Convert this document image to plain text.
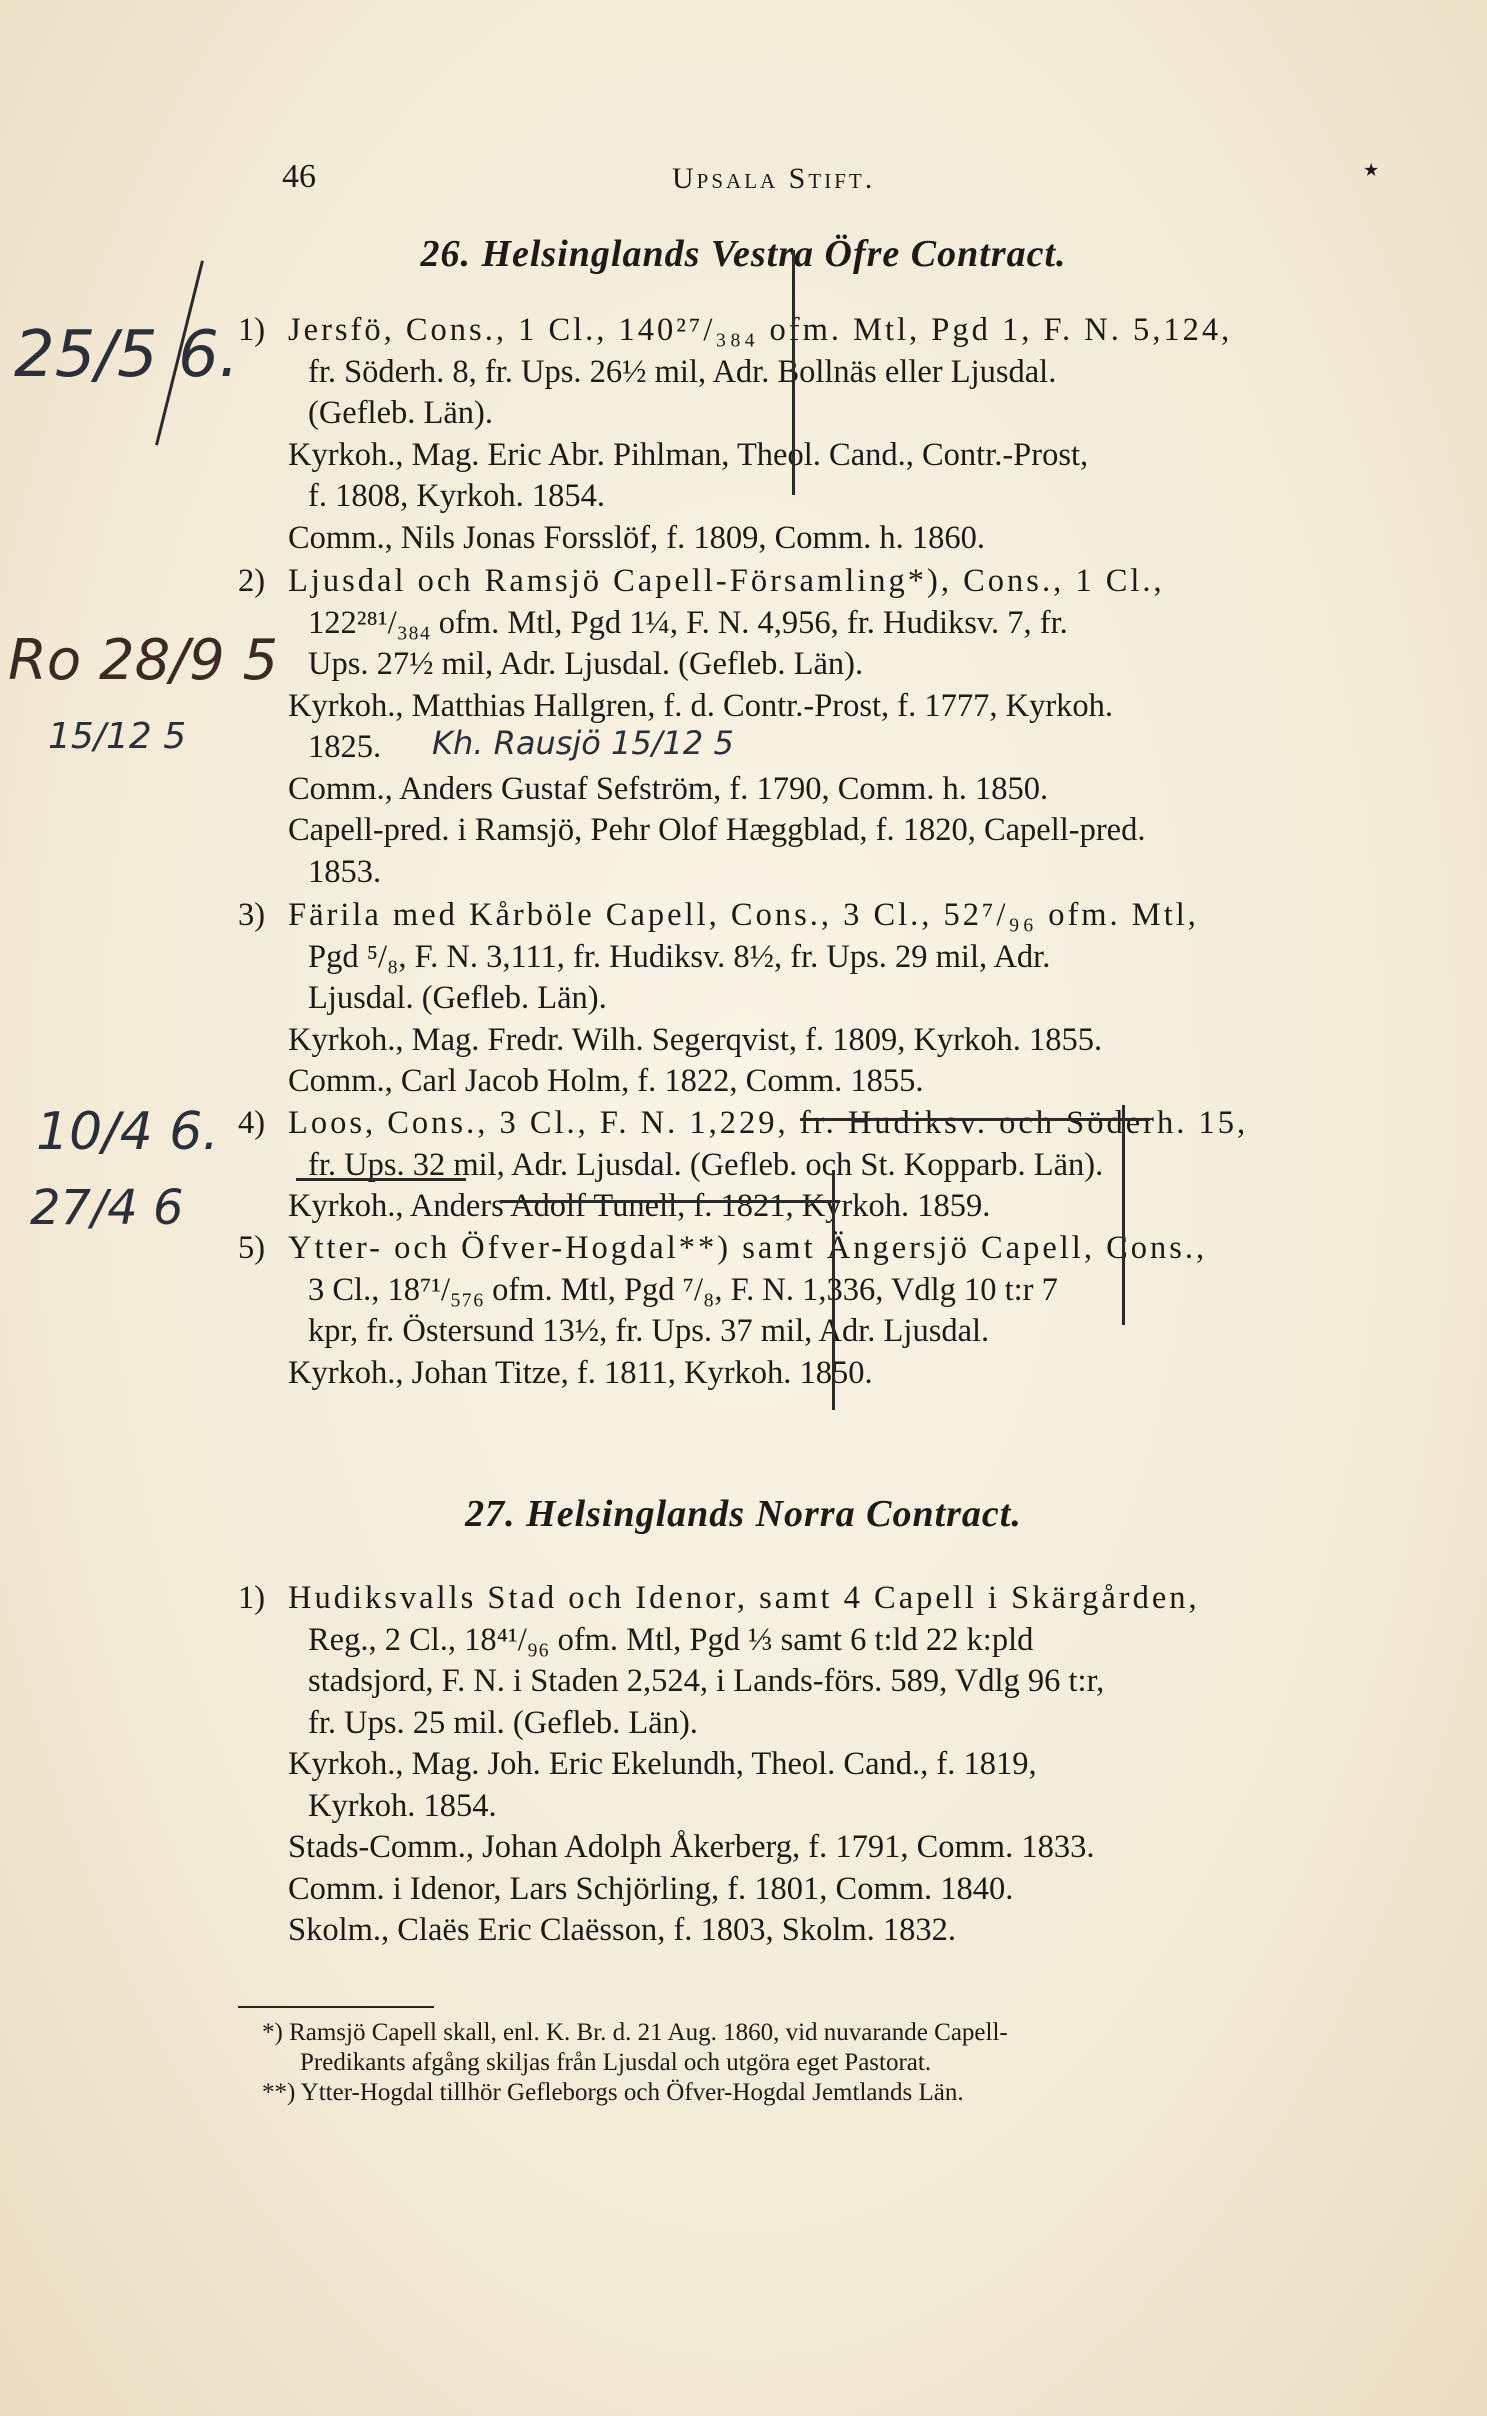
46	Upsala Stift.	٭
26. Helsinglands Vestra Öfre Contract.
1) Jersfö, Cons., 1 Cl., 140²⁷/₃₈₄ ofm. Mtl, Pgd 1, F. N. 5,124,
fr. Söderh. 8, fr. Ups. 26½ mil, Adr. Bollnäs eller Ljusdal.
(Gefleb. Län).
Kyrkoh., Mag. Eric Abr. Pihlman, Theol. Cand., Contr.-Prost,
f. 1808, Kyrkoh. 1854.
Comm., Nils Jonas Forsslöf, f. 1809, Comm. h. 1860.
2) Ljusdal och Ramsjö Capell-Församling*), Cons., 1 Cl.,
122²⁸¹/₃₈₄ ofm. Mtl, Pgd 1¼, F. N. 4,956, fr. Hudiksv. 7, fr.
Ups. 27½ mil, Adr. Ljusdal. (Gefleb. Län).
Kyrkoh., Matthias Hallgren, f. d. Contr.-Prost, f. 1777, Kyrkoh.
1825.
Comm., Anders Gustaf Sefström, f. 1790, Comm. h. 1850.
Capell-pred. i Ramsjö, Pehr Olof Hæggblad, f. 1820, Capell-pred.
1853.
3) Färila med Kårböle Capell, Cons., 3 Cl., 52⁷/₉₆ ofm. Mtl,
Pgd ⁵/₈, F. N. 3,111, fr. Hudiksv. 8½, fr. Ups. 29 mil, Adr.
Ljusdal. (Gefleb. Län).
Kyrkoh., Mag. Fredr. Wilh. Segerqvist, f. 1809, Kyrkoh. 1855.
Comm., Carl Jacob Holm, f. 1822, Comm. 1855.
4) Loos, Cons., 3 Cl., F. N. 1,229, fr. Hudiksv. och Söderh. 15,
fr. Ups. 32 mil, Adr. Ljusdal. (Gefleb. och St. Kopparb. Län).
Kyrkoh., Anders Adolf Tunell, f. 1821, Kyrkoh. 1859.
5) Ytter- och Öfver-Hogdal**) samt Ängersjö Capell, Cons.,
3 Cl., 18⁷¹/₅₇₆ ofm. Mtl, Pgd ⁷/₈, F. N. 1,336, Vdlg 10 t:r 7
kpr, fr. Östersund 13½, fr. Ups. 37 mil, Adr. Ljusdal.
Kyrkoh., Johan Titze, f. 1811, Kyrkoh. 1850.
27. Helsinglands Norra Contract.
1) Hudiksvalls Stad och Idenor, samt 4 Capell i Skärgården,
Reg., 2 Cl., 18⁴¹/₉₆ ofm. Mtl, Pgd ⅓ samt 6 t:ld 22 k:pld
stadsjord, F. N. i Staden 2,524, i Lands-förs. 589, Vdlg 96 t:r,
fr. Ups. 25 mil. (Gefleb. Län).
Kyrkoh., Mag. Joh. Eric Ekelundh, Theol. Cand., f. 1819,
Kyrkoh. 1854.
Stads-Comm., Johan Adolph Åkerberg, f. 1791, Comm. 1833.
Comm. i Idenor, Lars Schjörling, f. 1801, Comm. 1840.
Skolm., Claës Eric Claësson, f. 1803, Skolm. 1832.
*) Ramsjö Capell skall, enl. K. Br. d. 21 Aug. 1860, vid nuvarande Capell-
Predikants afgång skiljas från Ljusdal och utgöra eget Pastorat.
**) Ytter-Hogdal tillhör Gefleborgs och Öfver-Hogdal Jemtlands Län.
25/5 6.
Ro 28/9 5
15/12 5
10/4 6.
27/4 6
Kh. Rausjö 15/12 5
